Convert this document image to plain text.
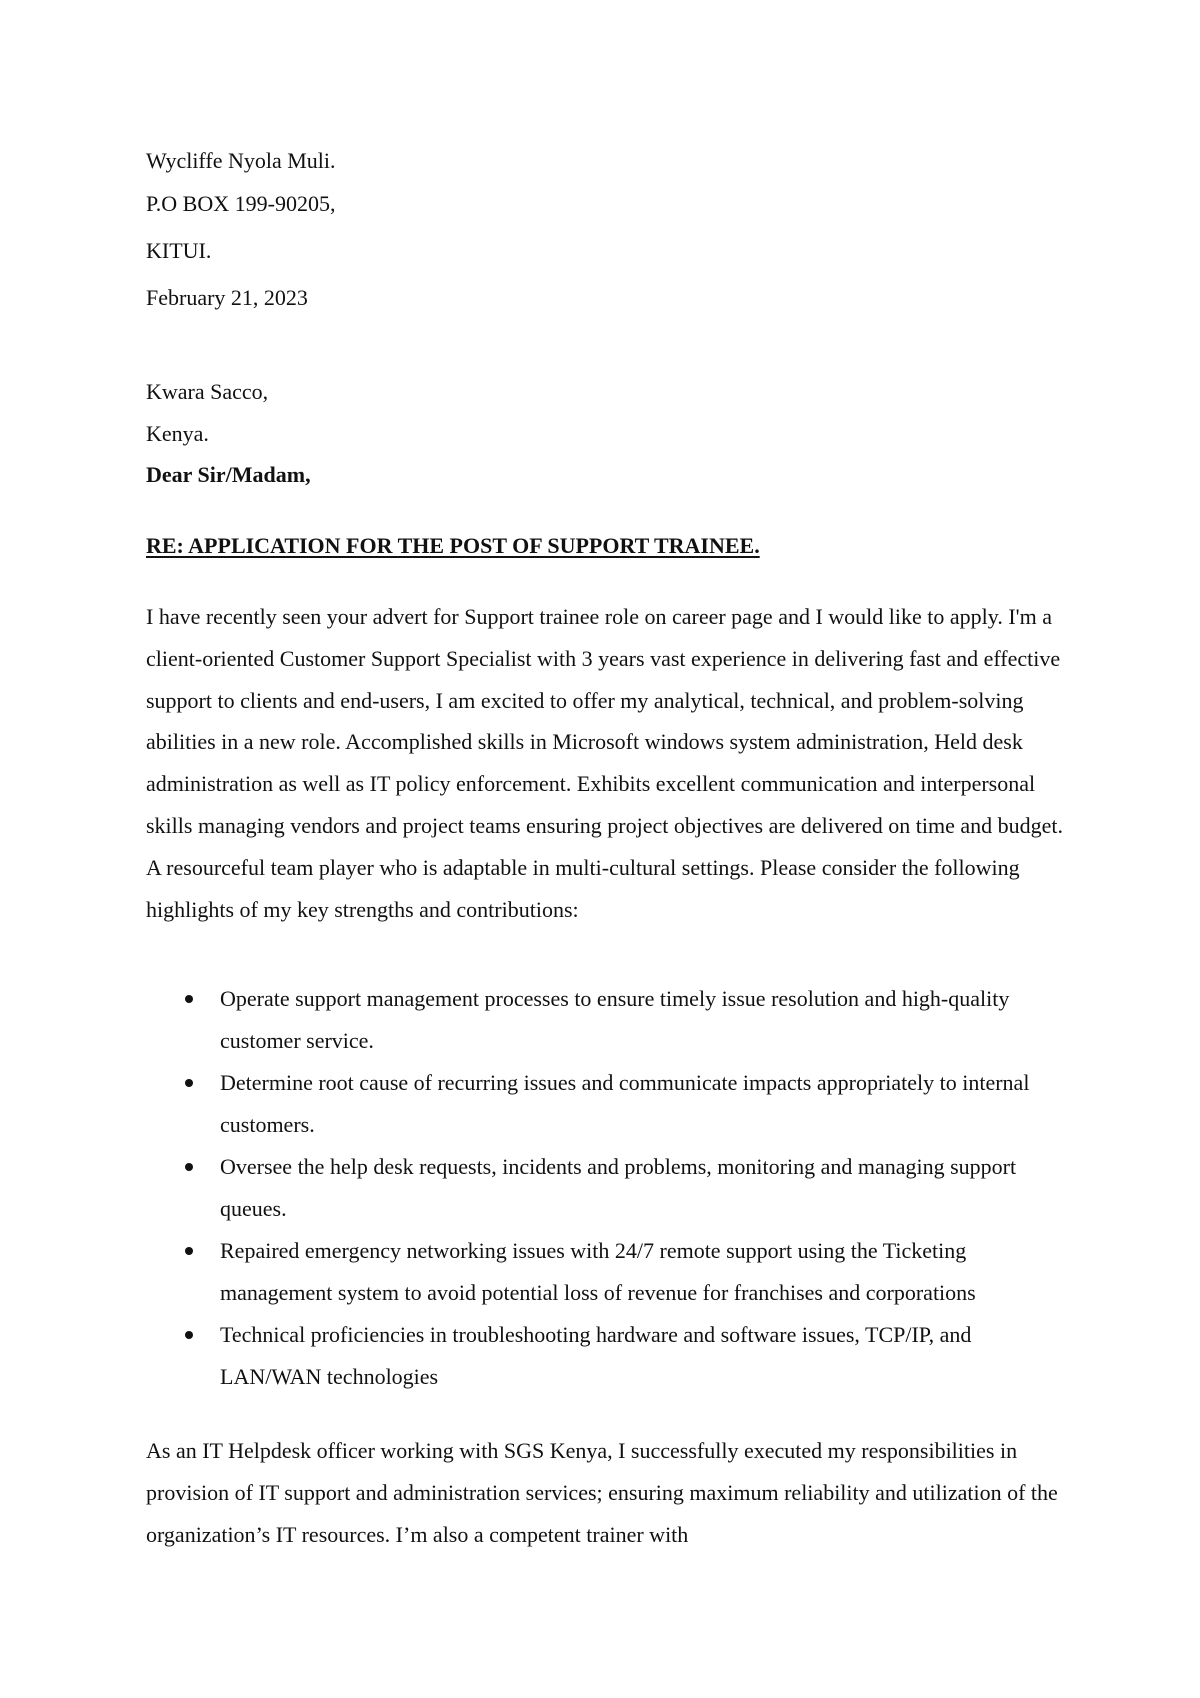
Wycliffe Nyola Muli.
P.O BOX 199-90205,
KITUI.
February 21, 2023
Kwara Sacco,
Kenya.
Dear Sir/Madam,
RE: APPLICATION FOR THE POST OF SUPPORT TRAINEE.
I have recently seen your advert for Support trainee role on career page and I would like to apply. I'm a client-oriented Customer Support Specialist with 3 years vast experience in delivering fast and effective support to clients and end-users, I am excited to offer my analytical, technical, and problem-solving abilities in a new role. Accomplished skills in Microsoft windows system administration, Held desk administration as well as IT policy enforcement. Exhibits excellent communication and interpersonal skills managing vendors and project teams ensuring project objectives are delivered on time and budget. A resourceful team player who is adaptable in multi-cultural settings. Please consider the following highlights of my key strengths and contributions:
Operate support management processes to ensure timely issue resolution and high-quality customer service.
Determine root cause of recurring issues and communicate impacts appropriately to internal customers.
Oversee the help desk requests, incidents and problems, monitoring and managing support queues.
Repaired emergency networking issues with 24/7 remote support using the Ticketing management system to avoid potential loss of revenue for franchises and corporations
Technical proficiencies in troubleshooting hardware and software issues, TCP/IP, and LAN/WAN technologies
As an IT Helpdesk officer working with SGS Kenya, I successfully executed my responsibilities in provision of IT support and administration services; ensuring maximum reliability and utilization of the organization’s IT resources. I’m also a competent trainer with
